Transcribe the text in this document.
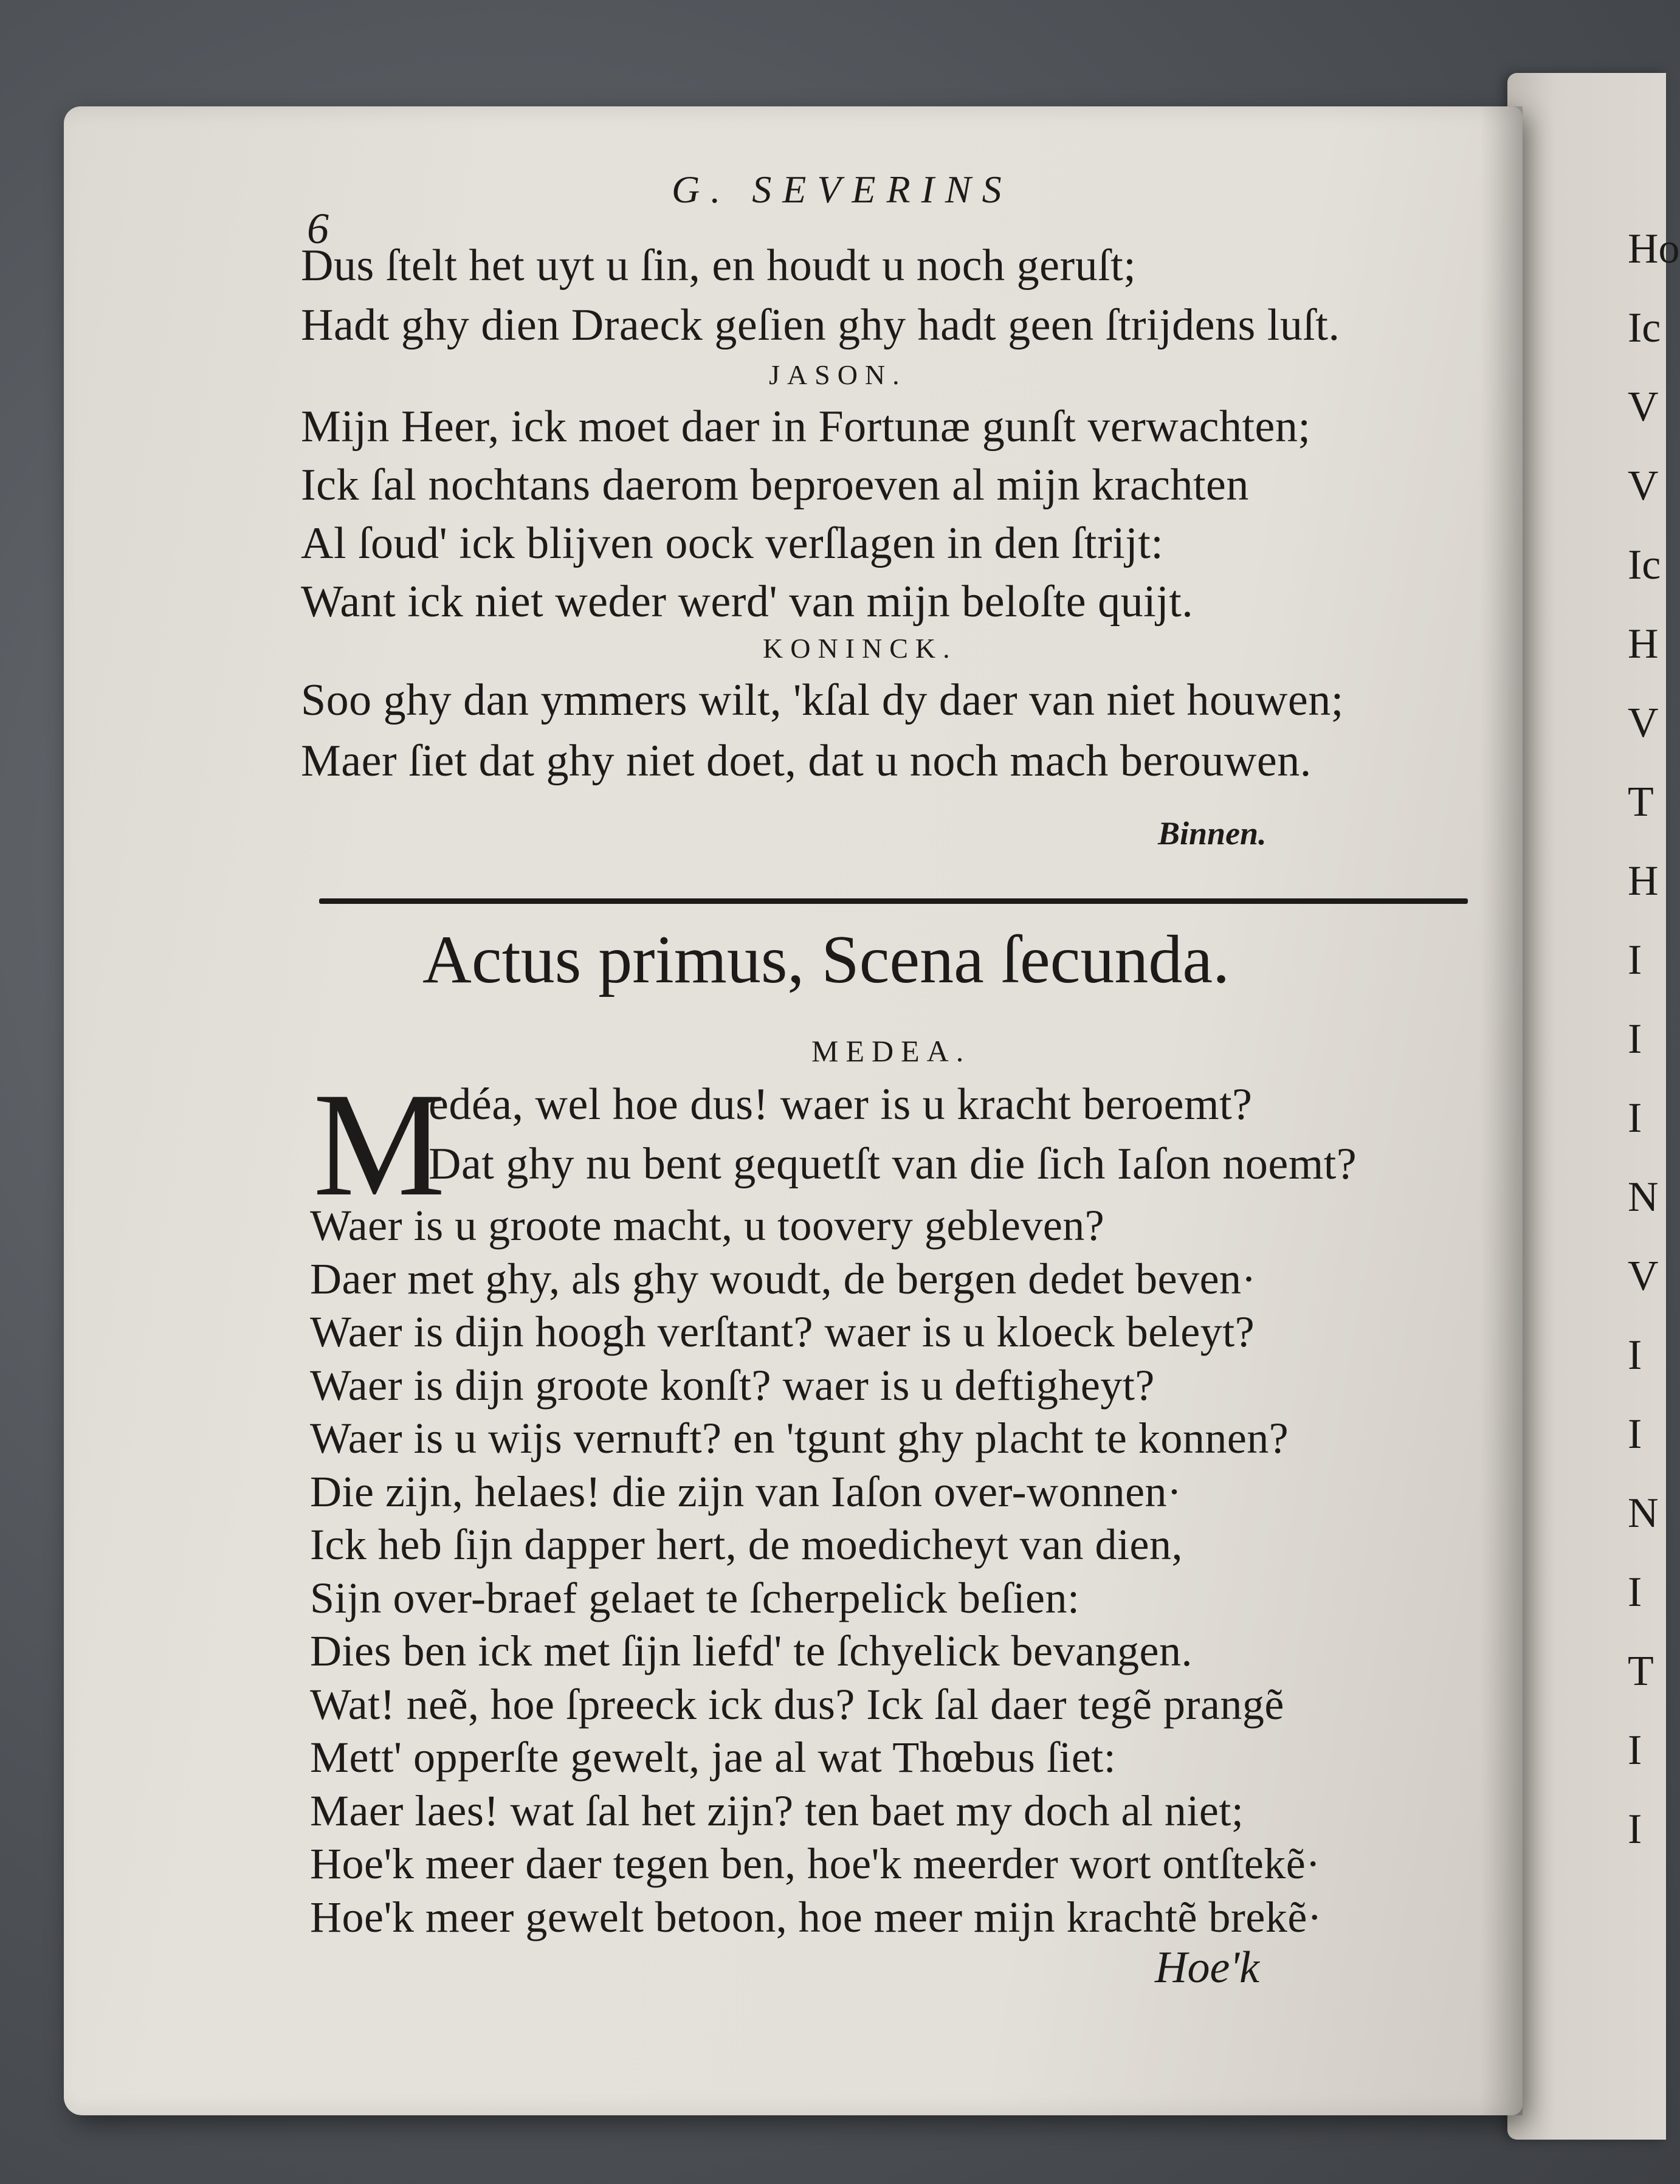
Ho
Ic
V
V
Ic
H
V
T
H
I
I
I
N
V
I
I
N
I
T
I
I
6
G. SEVERINS
Dus ſtelt het uyt u ſin, en houdt u noch geruſt;
Hadt ghy dien Draeck geſien ghy hadt geen ſtrijdens luſt.
JASON.
Mijn Heer, ick moet daer in Fortunæ gunſt verwachten;
Ick ſal nochtans daerom beproeven al mijn krachten
Al ſoud' ick blijven oock verſlagen in den ſtrijt:
Want ick niet weder werd' van mijn beloſte quijt.
KONINCK.
Soo ghy dan ymmers wilt, 'kſal dy daer van niet houwen;
Maer ſiet dat ghy niet doet, dat u noch mach berouwen.
Binnen.
edéa, wel hoe dus! waer is u kracht beroemt?
Dat ghy nu bent gequetſt van die ſich Iaſon noemt?
Waer is u groote macht, u toovery gebleven?
Daer met ghy, als ghy woudt, de bergen dedet beven·
Waer is dijn hoogh verſtant? waer is u kloeck beleyt?
Waer is dijn groote konſt? waer is u deftigheyt?
Waer is u wijs vernuft? en 'tgunt ghy placht te konnen?
Die zijn, helaes! die zijn van Iaſon over-wonnen·
Ick heb ſijn dapper hert, de moedicheyt van dien,
Sijn over-braef gelaet te ſcherpelick beſien:
Dies ben ick met ſijn liefd' te ſchyelick bevangen.
Wat! neẽ, hoe ſpreeck ick dus? Ick ſal daer tegẽ prangẽ
Mett' opperſte gewelt, jae al wat Thœbus ſiet:
Maer laes! wat ſal het zijn? ten baet my doch al niet;
Hoe'k meer daer tegen ben, hoe'k meerder wort ontſtekẽ·
Hoe'k meer gewelt betoon, hoe meer mijn krachtẽ brekẽ·
Actus primus, Scena ſecunda.
MEDEA.
M
Hoe'k
